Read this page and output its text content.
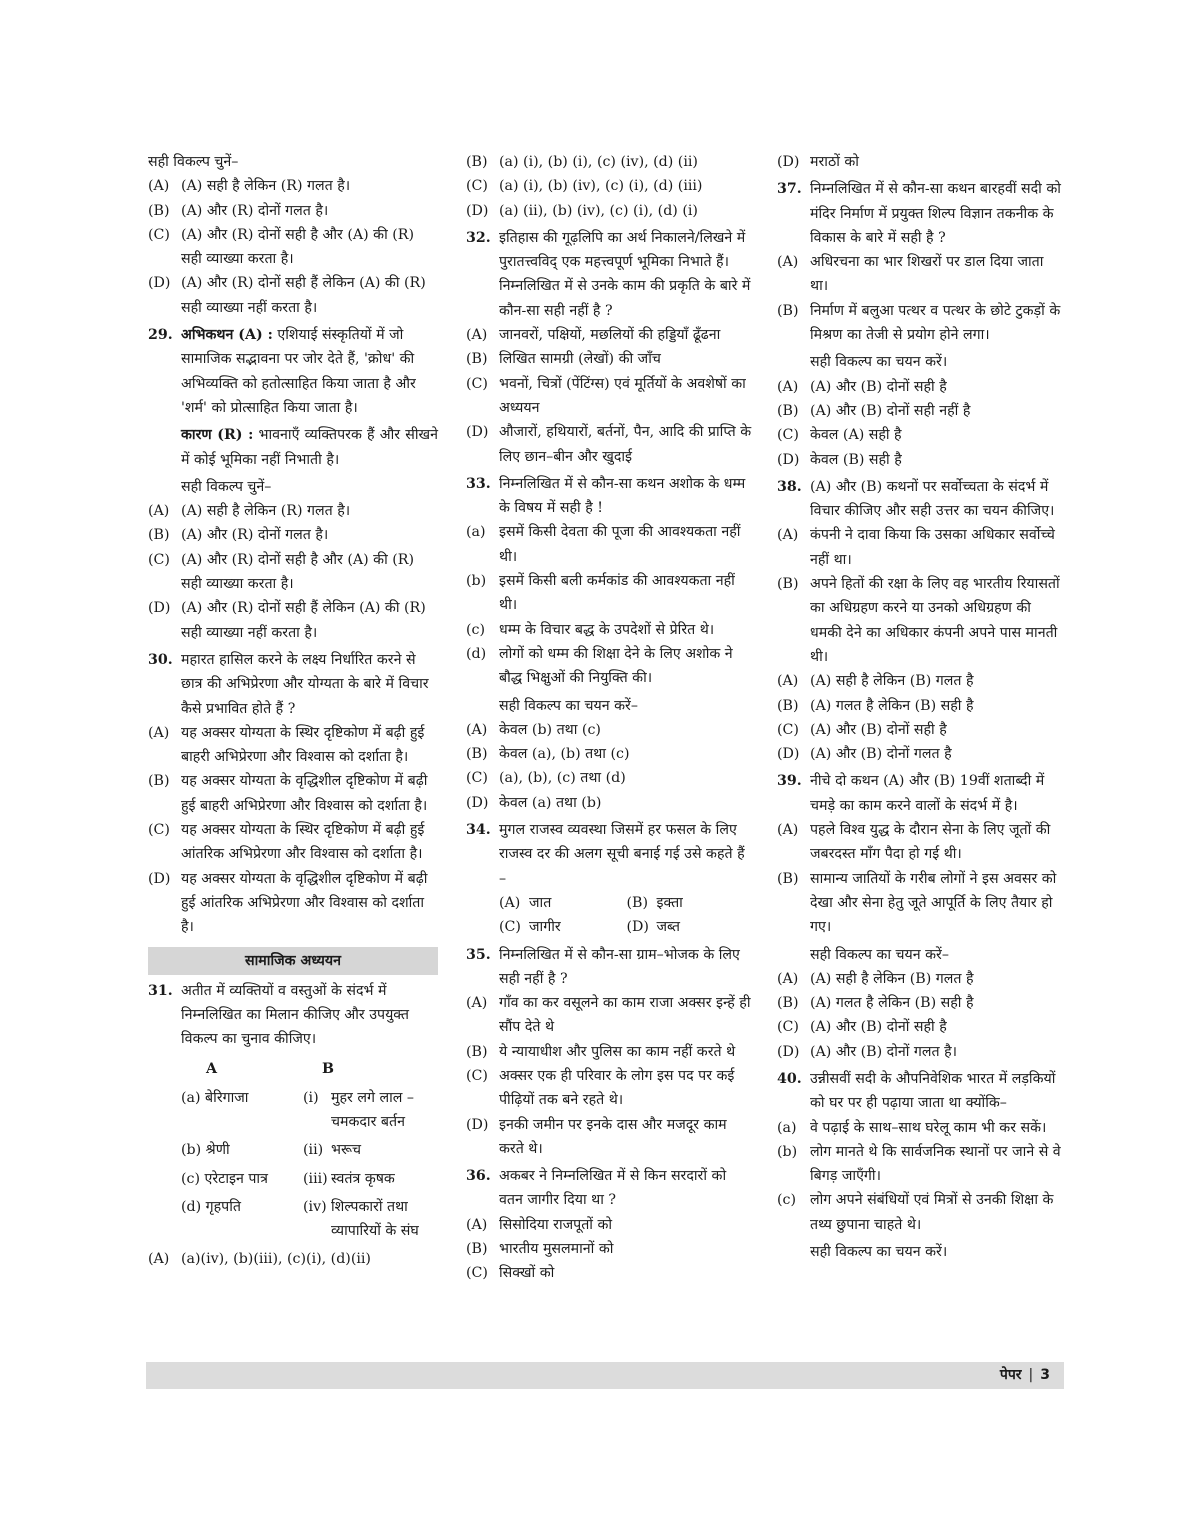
सही विकल्प चुनें–
(A) (A) सही है लेकिन (R) गलत है।
(B) (A) और (R) दोनों गलत है।
(C) (A) और (R) दोनों सही है और (A) की (R) सही व्याख्या करता है।
(D) (A) और (R) दोनों सही हैं लेकिन (A) की (R) सही व्याख्या नहीं करता है।
29. अभिकथन (A) : एशियाई संस्कृतियों में जो सामाजिक सद्भावना पर जोर देते हैं, 'क्रोध' की अभिव्यक्ति को हतोत्साहित किया जाता है और 'शर्म' को प्रोत्साहित किया जाता है।
कारण (R) : भावनाएँ व्यक्तिपरक हैं और सीखने में कोई भूमिका नहीं निभाती है।
सही विकल्प चुनें–
(A) (A) सही है लेकिन (R) गलत है।
(B) (A) और (R) दोनों गलत है।
(C) (A) और (R) दोनों सही है और (A) की (R) सही व्याख्या करता है।
(D) (A) और (R) दोनों सही हैं लेकिन (A) की (R) सही व्याख्या नहीं करता है।
30. महारत हासिल करने के लक्ष्य निर्धारित करने से छात्र की अभिप्रेरणा और योग्यता के बारे में विचार कैसे प्रभावित होते हैं ?
(A) यह अक्सर योग्यता के स्थिर दृष्टिकोण में बढ़ी हुई बाहरी अभिप्रेरणा और विश्वास को दर्शाता है।
(B) यह अक्सर योग्यता के वृद्धिशील दृष्टिकोण में बढ़ी हुई बाहरी अभिप्रेरणा और विश्वास को दर्शाता है।
(C) यह अक्सर योग्यता के स्थिर दृष्टिकोण में बढ़ी हुई आंतरिक अभिप्रेरणा और विश्वास को दर्शाता है।
(D) यह अक्सर योग्यता के वृद्धिशील दृष्टिकोण में बढ़ी हुई आंतरिक अभिप्रेरणा और विश्वास को दर्शाता है।
सामाजिक अध्ययन
31. अतीत में व्यक्तियों व वस्तुओं के संदर्भ में निम्नलिखित का मिलान कीजिए और उपयुक्त विकल्प का चुनाव कीजिए।
A	B
(a) बेरिगाजा	(i) मुहर लगे लाल –चमकदार बर्तन
(b) श्रेणी	(ii) भरूच
(c) एरेटाइन पात्र	(iii) स्वतंत्र कृषक
(d) गृहपति	(iv) शिल्पकारों तथा व्यापारियों के संघ
(A) (a)(iv), (b)(iii), (c)(i), (d)(ii)
(B) (a) (i), (b) (i), (c) (iv), (d) (ii)
(C) (a) (i), (b) (iv), (c) (i), (d) (iii)
(D) (a) (ii), (b) (iv), (c) (i), (d) (i)
32. इतिहास की गूढ़लिपि का अर्थ निकालने/लिखने में पुरातत्त्वविद् एक महत्त्वपूर्ण भूमिका निभाते हैं। निम्नलिखित में से उनके काम की प्रकृति के बारे में कौन-सा सही नहीं है ?
(A) जानवरों, पक्षियों, मछलियों की हड्डियाँ ढूँढना
(B) लिखित सामग्री (लेखों) की जाँच
(C) भवनों, चित्रों (पेंटिंग्स) एवं मूर्तियों के अवशेषों का अध्ययन
(D) औजारों, हथियारों, बर्तनों, पैन, आदि की प्राप्ति के लिए छान–बीन और खुदाई
33. निम्नलिखित में से कौन-सा कथन अशोक के धम्म के विषय में सही है !
(a) इसमें किसी देवता की पूजा की आवश्यकता नहीं थी।
(b) इसमें किसी बली कर्मकांड की आवश्यकता नहीं थी।
(c) धम्म के विचार बद्ध के उपदेशों से प्रेरित थे।
(d) लोगों को धम्म की शिक्षा देने के लिए अशोक ने बौद्ध भिक्षुओं की नियुक्ति की।
सही विकल्प का चयन करें–
(A) केवल (b) तथा (c)
(B) केवल (a), (b) तथा (c)
(C) (a), (b), (c) तथा (d)
(D) केवल (a) तथा (b)
34. मुगल राजस्व व्यवस्था जिसमें हर फसल के लिए राजस्व दर की अलग सूची बनाई गई उसे कहते हैं –
(A) जात	(B) इक्ता
(C) जागीर	(D) जब्त
35. निम्नलिखित में से कौन-सा ग्राम–भोजक के लिए सही नहीं है ?
(A) गाँव का कर वसूलने का काम राजा अक्सर इन्हें ही सौंप देते थे
(B) ये न्यायाधीश और पुलिस का काम नहीं करते थे
(C) अक्सर एक ही परिवार के लोग इस पद पर कई पीढ़ियों तक बने रहते थे।
(D) इनकी जमीन पर इनके दास और मजदूर काम करते थे।
36. अकबर ने निम्नलिखित में से किन सरदारों को वतन जागीर दिया था ?
(A) सिसोदिया राजपूतों को
(B) भारतीय मुसलमानों को
(C) सिक्खों को
(D) मराठों को
37. निम्नलिखित में से कौन-सा कथन बारहवीं सदी को मंदिर निर्माण में प्रयुक्त शिल्प विज्ञान तकनीक के विकास के बारे में सही है ?
(A) अधिरचना का भार शिखरों पर डाल दिया जाता था।
(B) निर्माण में बलुआ पत्थर व पत्थर के छोटे टुकड़ों के मिश्रण का तेजी से प्रयोग होने लगा।
सही विकल्प का चयन करें।
(A) (A) और (B) दोनों सही है
(B) (A) और (B) दोनों सही नहीं है
(C) केवल (A) सही है
(D) केवल (B) सही है
38. (A) और (B) कथनों पर सर्वोच्चता के संदर्भ में विचार कीजिए और सही उत्तर का चयन कीजिए।
(A) कंपनी ने दावा किया कि उसका अधिकार सर्वोच्चे नहीं था।
(B) अपने हितों की रक्षा के लिए वह भारतीय रियासतों का अधिग्रहण करने या उनको अधिग्रहण की धमकी देने का अधिकार कंपनी अपने पास मानती थी।
(A) (A) सही है लेकिन (B) गलत है
(B) (A) गलत है लेकिन (B) सही है
(C) (A) और (B) दोनों सही है
(D) (A) और (B) दोनों गलत है
39. नीचे दो कथन (A) और (B) 19वीं शताब्दी में चमड़े का काम करने वालों के संदर्भ में है।
(A) पहले विश्व युद्ध के दौरान सेना के लिए जूतों की जबरदस्त माँग पैदा हो गई थी।
(B) सामान्य जातियों के गरीब लोगों ने इस अवसर को देखा और सेना हेतु जूते आपूर्ति के लिए तैयार हो गए।
सही विकल्प का चयन करें–
(A) (A) सही है लेकिन (B) गलत है
(B) (A) गलत है लेकिन (B) सही है
(C) (A) और (B) दोनों सही है
(D) (A) और (B) दोनों गलत है।
40. उन्नीसवीं सदी के औपनिवेशिक भारत में लड़कियों को घर पर ही पढ़ाया जाता था क्योंकि–
(a) वे पढ़ाई के साथ–साथ घरेलू काम भी कर सकें।
(b) लोग मानते थे कि सार्वजनिक स्थानों पर जाने से वे बिगड़ जाएँगी।
(c) लोग अपने संबंधियों एवं मित्रों से उनकी शिक्षा के तथ्य छुपाना चाहते थे।
सही विकल्प का चयन करें।
पेपर | 3
